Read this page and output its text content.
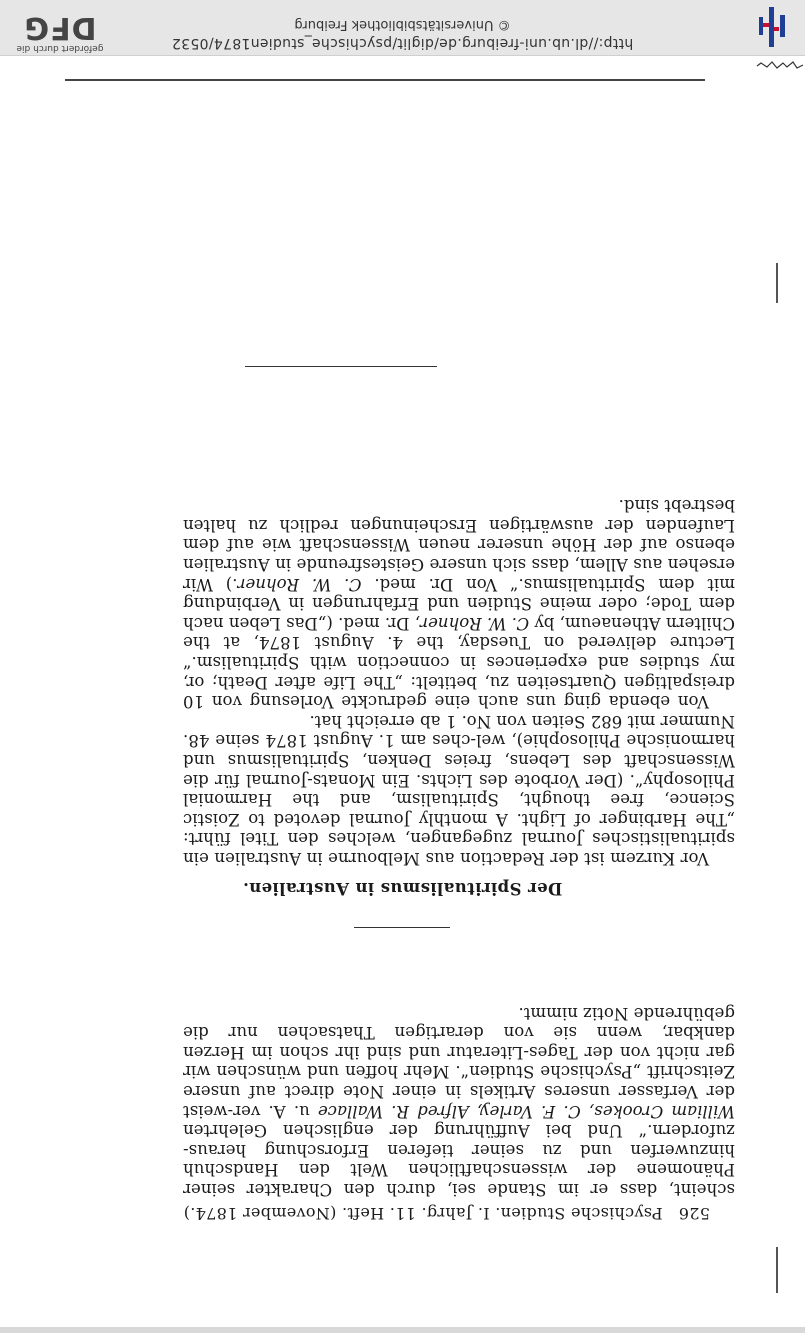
526 Psychische Studien. I. Jahrg. 11. Heft. (November 1874.)

scheint, dass er im Stande sei, durch den Charakter seiner Phänomene der wissenschaftlichen Welt den Handschuh hinzuwerfen und zu seiner tieferen Erforschung heraus-zufordern.“ Und bei Aufführung der englischen Gelehrten William Crookes, C. F. Varley, Alfred R. Wallace u. A. ver-weist der Verfasser unseres Artikels in einer Note direct auf unsere Zeitschrift „Psychische Studien“. Mehr hoffen und wünschen wir gar nicht von der Tages-Literatur und sind ihr schon im Herzen dankbar, wenn sie von derartigen Thatsachen nur die gebührende Notiz nimmt.

Der Spiritualismus in Australien.

Vor Kurzem ist der Redaction aus Melbourne in Australien ein spiritualistisches Journal zugegangen, welches den Titel führt: „The Harbinger of Light. A monthly Journal devoted to Zoistic Science, free thought, Spiritualism, and the Harmonial Philosophy“. (Der Vorbote des Lichts. Ein Monats-Journal für die Wissenschaft des Lebens, freies Denken, Spiritualismus und harmonische Philosophie), wel-ches am 1. August 1874 seine 48. Nummer mit 682 Seiten von No. 1 ab erreicht hat.

Von ebenda ging uns auch eine gedruckte Vorlesung von 10 dreispaltigen Quartseiten zu, betitelt: „The Life after Death; or, my studies and experiences in connection with Spiritualism.“ Lecture delivered on Tuesday, the 4. August 1874, at the Chiltern Athenaeum, by C. W. Rohner, Dr. med. („Das Leben nach dem Tode; oder meine Studien und Erfahrungen in Verbindung mit dem Spiritualismus.“ Von Dr. med. C. W. Rohner.) Wir ersehen aus Allem, dass sich unsere Geistesfreunde in Australien ebenso auf der Höhe unserer neuen Wissenschaft wie auf dem Laufenden der auswärtigen Erscheinungen redlich zu halten bestrebt sind.

http://dl.ub.uni-freiburg.de/diglit/psychische_studien1874/0532
© Universitätsbibliothek Freiburg
gefördert durch die
DFG
